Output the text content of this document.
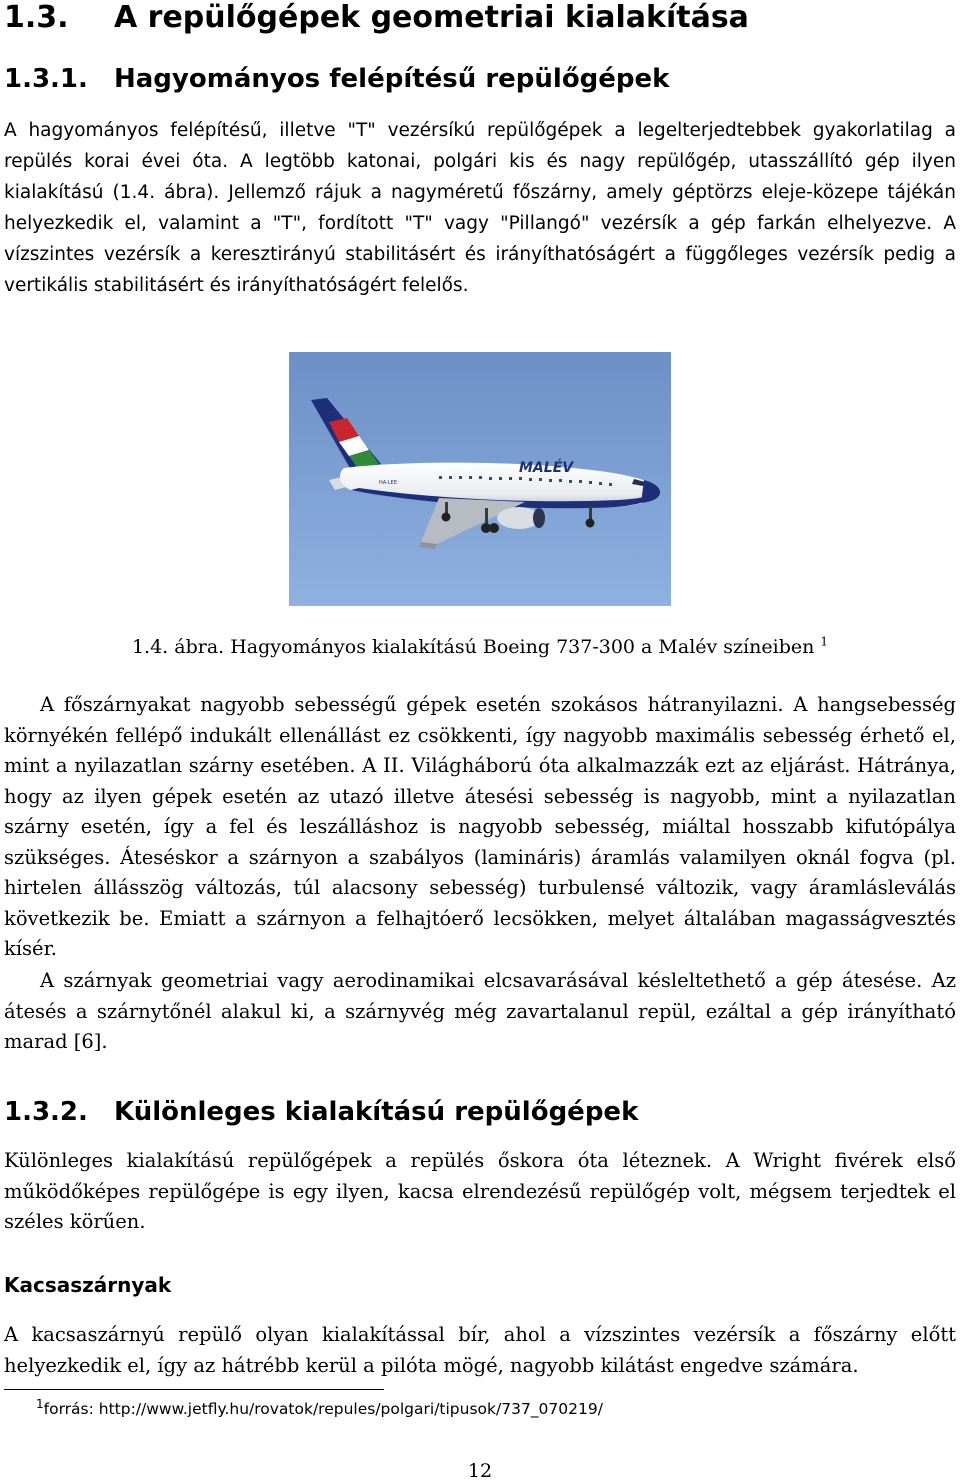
1.3. A repülőgépek geometriai kialakítása
1.3.1. Hagyományos felépítésű repülőgépek
A hagyományos felépítésű, illetve "T" vezérsíkú repülőgépek a legelterjedtebbek gyakorlatilag a repülés korai évei óta. A legtöbb katonai, polgári kis és nagy repülőgép, utasszállító gép ilyen kialakítású (1.4. ábra). Jellemző rájuk a nagyméretű főszárny, amely géptörzs eleje-közepe tájékán helyezkedik el, valamint a "T", fordított "T" vagy "Pillangó" vezérsík a gép farkán elhelyezve. A vízszintes vezérsík a keresztirányú stabilitásért és irányíthatóságért a függőleges vezérsík pedig a vertikális stabilitásért és irányíthatóságért felelős.
MALÉV
HA-LEE
1.4. ábra. Hagyományos kialakítású Boeing 737-300 a Malév színeiben $^1$
A főszárnyakat nagyobb sebességű gépek esetén szokásos hátranyilazni. A hangsebesség környékén fellépő indukált ellenállást ez csökkenti, így nagyobb maximális sebesség érhető el, mint a nyilazatlan szárny esetében. A II. Világháború óta alkalmazzák ezt az eljárást. Hátránya, hogy az ilyen gépek esetén az utazó illetve átesési sebesség is nagyobb, mint a nyilazatlan szárny esetén, így a fel és leszálláshoz is nagyobb sebesség, miáltal hosszabb kifutópálya szükséges. Áteséskor a szárnyon a szabályos (lamináris) áramlás valamilyen oknál fogva (pl. hirtelen állásszög változás, túl alacsony sebesség) turbulensé változik, vagy áramlásleválás következik be. Emiatt a szárnyon a felhajtóerő lecsökken, melyet általában magasságvesztés kísér.
A szárnyak geometriai vagy aerodinamikai elcsavarásával késleltethető a gép átesése. Az átesés a szárnytőnél alakul ki, a szárnyvég még zavartalanul repül, ezáltal a gép irányítható marad [6].
1.3.2. Különleges kialakítású repülőgépek
Különleges kialakítású repülőgépek a repülés őskora óta léteznek. A Wright fivérek első működőképes repülőgépe is egy ilyen, kacsa elrendezésű repülőgép volt, mégsem terjedtek el széles körűen.
Kacsaszárnyak
A kacsaszárnyú repülő olyan kialakítással bír, ahol a vízszintes vezérsík a főszárny előtt helyezkedik el, így az hátrébb kerül a pilóta mögé, nagyobb kilátást engedve számára.
$^1$forrás: http://www.jetfly.hu/rovatok/repules/polgari/tipusok/737_070219/
12
